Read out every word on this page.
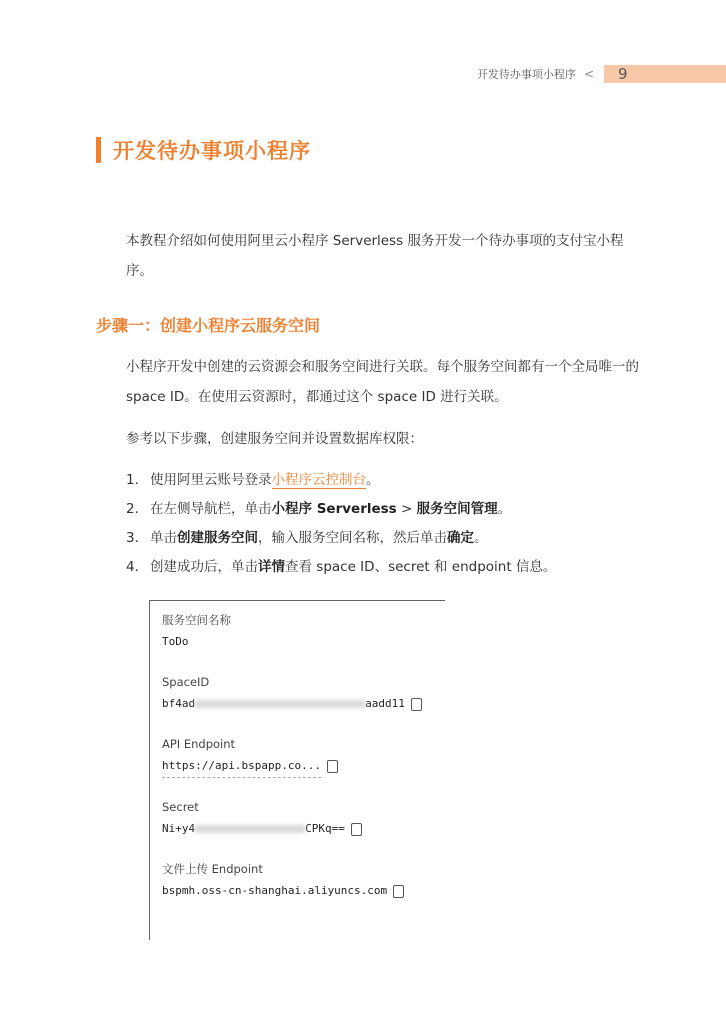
开发待办事项小程序 <	9
开发待办事项小程序
本教程介绍如何使用阿里云小程序 Serverless 服务开发一个待办事项的支付宝小程序。
步骤一：创建小程序云服务空间
小程序开发中创建的云资源会和服务空间进行关联。每个服务空间都有一个全局唯一的space ID。在使用云资源时，都通过这个 space ID 进行关联。
参考以下步骤，创建服务空间并设置数据库权限：
1. 使用阿里云账号登录小程序云控制台。
2. 在左侧导航栏，单击小程序 Serverless > 服务空间管理。
3. 单击创建服务空间，输入服务空间名称，然后单击确定。
4. 创建成功后，单击详情查看 space ID、secret 和 endpoint 信息。
服务空间名称
ToDo
SpaceID
bf4ad	aadd11
API Endpoint
https://api.bspapp.co...
Secret
Ni+y4	CPKq==
文件上传 Endpoint
bspmh.oss-cn-shanghai.aliyuncs.com
